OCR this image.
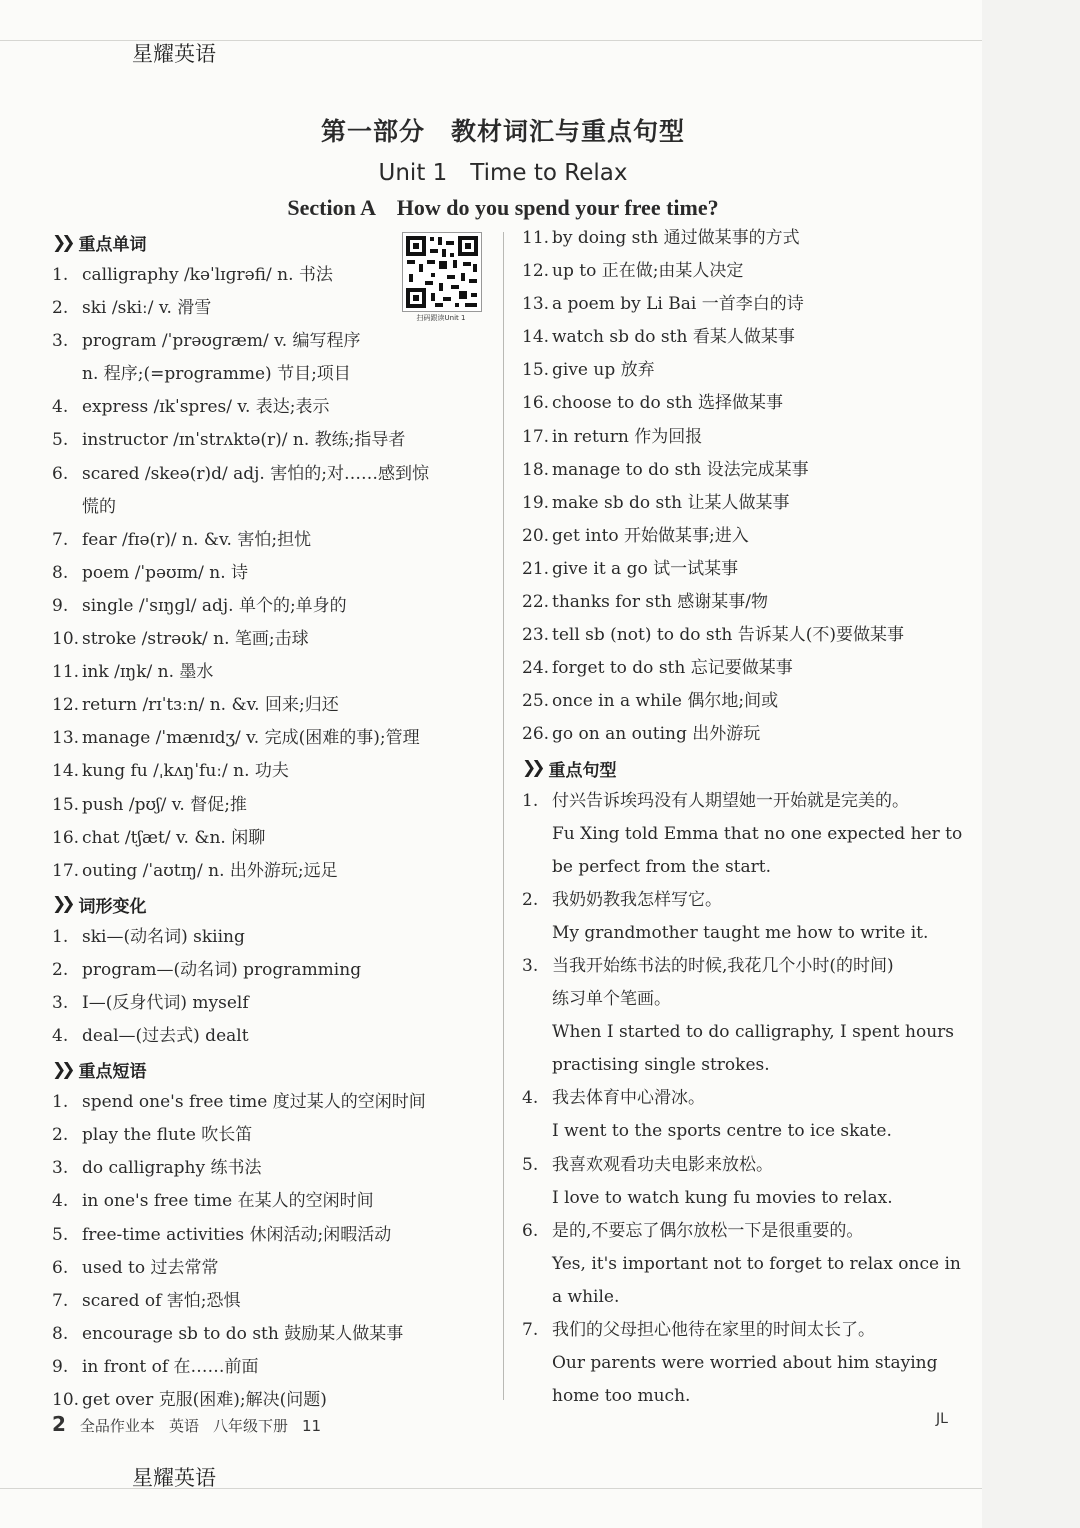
星耀英语
第一部分　教材词汇与重点句型
Unit 1　Time to Relax
Section A　How do you spend your free time?
扫码跟读Unit 1
❯❯ 重点单词
1. calligraphy /kəˈlɪɡrəfi/ n. 书法
2. ski /skiː/ v. 滑雪
3. program /ˈprəʊɡræm/ v. 编写程序
n. 程序;(=programme) 节目;项目
4. express /ɪkˈspres/ v. 表达;表示
5. instructor /ɪnˈstrʌktə(r)/ n. 教练;指导者
6. scared /skeə(r)d/ adj. 害怕的;对……感到惊
慌的
7. fear /fɪə(r)/ n. &v. 害怕;担忧
8. poem /ˈpəʊɪm/ n. 诗
9. single /ˈsɪŋɡl/ adj. 单个的;单身的
10. stroke /strəʊk/ n. 笔画;击球
11. ink /ɪŋk/ n. 墨水
12. return /rɪˈtɜːn/ n. &v. 回来;归还
13. manage /ˈmænɪdʒ/ v. 完成(困难的事);管理
14. kung fu /ˌkʌŋˈfuː/ n. 功夫
15. push /pʊʃ/ v. 督促;推
16. chat /tʃæt/ v. &n. 闲聊
17. outing /ˈaʊtɪŋ/ n. 出外游玩;远足
❯❯ 词形变化
1. ski—(动名词) skiing
2. program—(动名词) programming
3. I—(反身代词) myself
4. deal—(过去式) dealt
❯❯ 重点短语
1. spend one's free time 度过某人的空闲时间
2. play the flute 吹长笛
3. do calligraphy 练书法
4. in one's free time 在某人的空闲时间
5. free-time activities 休闲活动;闲暇活动
6. used to 过去常常
7. scared of 害怕;恐惧
8. encourage sb to do sth 鼓励某人做某事
9. in front of 在……前面
10. get over 克服(困难);解决(问题)
11. by doing sth 通过做某事的方式
12. up to 正在做;由某人决定
13. a poem by Li Bai 一首李白的诗
14. watch sb do sth 看某人做某事
15. give up 放弃
16. choose to do sth 选择做某事
17. in return 作为回报
18. manage to do sth 设法完成某事
19. make sb do sth 让某人做某事
20. get into 开始做某事;进入
21. give it a go 试一试某事
22. thanks for sth 感谢某事/物
23. tell sb (not) to do sth 告诉某人(不)要做某事
24. forget to do sth 忘记要做某事
25. once in a while 偶尔地;间或
26. go on an outing 出外游玩
❯❯ 重点句型
1. 付兴告诉埃玛没有人期望她一开始就是完美的。
Fu Xing told Emma that no one expected her to
be perfect from the start.
2. 我奶奶教我怎样写它。
My grandmother taught me how to write it.
3. 当我开始练书法的时候,我花几个小时(的时间)
练习单个笔画。
When I started to do calligraphy, I spent hours
practising single strokes.
4. 我去体育中心滑冰。
I went to the sports centre to ice skate.
5. 我喜欢观看功夫电影来放松。
I love to watch kung fu movies to relax.
6. 是的,不要忘了偶尔放松一下是很重要的。
Yes, it's important not to forget to relax once in
a while.
7. 我们的父母担心他待在家里的时间太长了。
Our parents were worried about him staying
home too much.
2 全品作业本 英语 八年级下册 11	JL
星耀英语
